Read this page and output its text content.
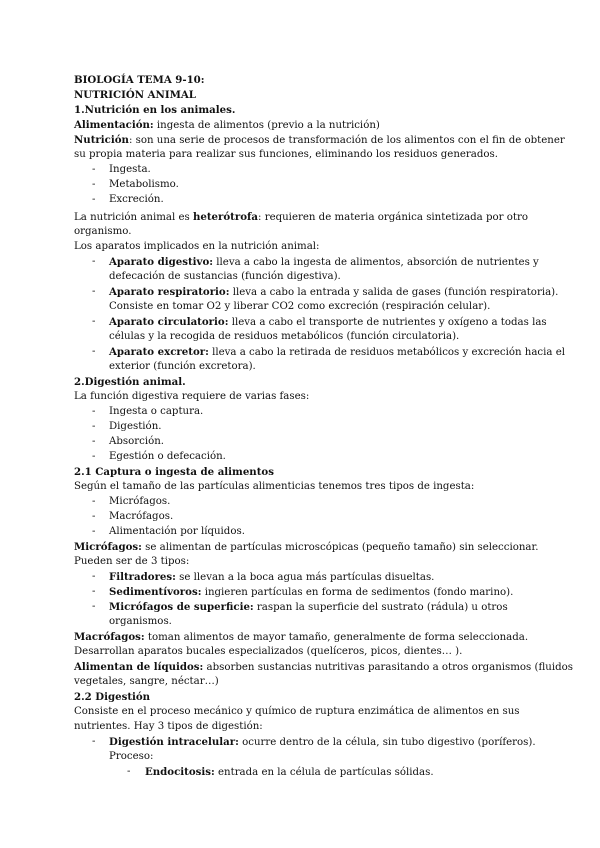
BIOLOGÍA TEMA 9-10:
NUTRICIÓN ANIMAL
1.Nutrición en los animales.
Alimentación: ingesta de alimentos (previo a la nutrición)
Nutrición: son una serie de procesos de transformación de los alimentos con el fin de obtener
su propia materia para realizar sus funciones, eliminando los residuos generados.
- Ingesta.
- Metabolismo.
- Excreción.
La nutrición animal es heterótrofa: requieren de materia orgánica sintetizada por otro
organismo.
Los aparatos implicados en la nutrición animal:
- Aparato digestivo: lleva a cabo la ingesta de alimentos, absorción de nutrientes y
defecación de sustancias (función digestiva).
- Aparato respiratorio: lleva a cabo la entrada y salida de gases (función respiratoria).
Consiste en tomar O2 y liberar CO2 como excreción (respiración celular).
- Aparato circulatorio: lleva a cabo el transporte de nutrientes y oxígeno a todas las
células y la recogida de residuos metabólicos (función circulatoria).
- Aparato excretor: lleva a cabo la retirada de residuos metabólicos y excreción hacia el
exterior (función excretora).
2.Digestión animal.
La función digestiva requiere de varias fases:
- Ingesta o captura.
- Digestión.
- Absorción.
- Egestión o defecación.
2.1 Captura o ingesta de alimentos
Según el tamaño de las partículas alimenticias tenemos tres tipos de ingesta:
- Micrófagos.
- Macrófagos.
- Alimentación por líquidos.
Micrófagos: se alimentan de partículas microscópicas (pequeño tamaño) sin seleccionar.
Pueden ser de 3 tipos:
- Filtradores: se llevan a la boca agua más partículas disueltas.
- Sedimentívoros: ingieren partículas en forma de sedimentos (fondo marino).
- Micrófagos de superficie: raspan la superficie del sustrato (rádula) u otros
organismos.
Macrófagos: toman alimentos de mayor tamaño, generalmente de forma seleccionada.
Desarrollan aparatos bucales especializados (quelíceros, picos, dientes… ).
Alimentan de líquidos: absorben sustancias nutritivas parasitando a otros organismos (fluidos
vegetales, sangre, néctar…)
2.2 Digestión
Consiste en el proceso mecánico y químico de ruptura enzimática de alimentos en sus
nutrientes. Hay 3 tipos de digestión:
- Digestión intracelular: ocurre dentro de la célula, sin tubo digestivo (poríferos).
Proceso:
- Endocitosis: entrada en la célula de partículas sólidas.
